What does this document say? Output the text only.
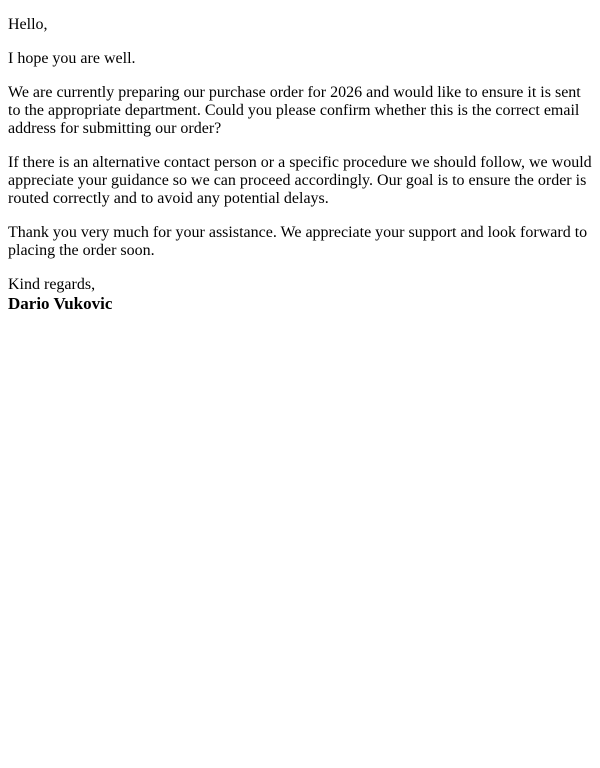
Hello,

I hope you are well.

We are currently preparing our purchase order for 2026 and would like to ensure it is sent to the appropriate department. Could you please confirm whether this is the correct email address for submitting our order?

If there is an alternative contact person or a specific procedure we should follow, we would appreciate your guidance so we can proceed accordingly. Our goal is to ensure the order is routed correctly and to avoid any potential delays.

Thank you very much for your assistance. We appreciate your support and look forward to placing the order soon.

Kind regards,
Dario Vukovic
